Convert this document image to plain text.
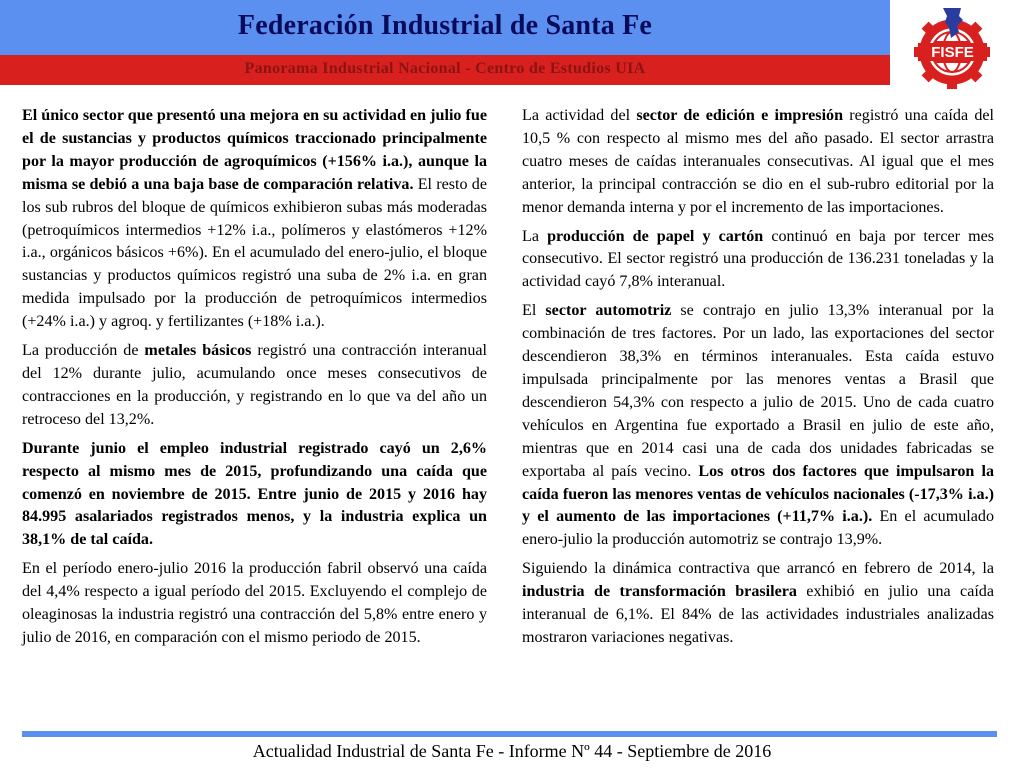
Federación Industrial de Santa Fe
Panorama Industrial Nacional - Centro de Estudios UIA
FISFE

El único sector que presentó una mejora en su actividad en julio fue el de sustancias y productos químicos traccionado principalmente por la mayor producción de agroquímicos (+156% i.a.), aunque la misma se debió a una baja base de comparación relativa. El resto de los sub rubros del bloque de químicos exhibieron subas más moderadas (petroquímicos intermedios +12% i.a., polímeros y elastómeros +12% i.a., orgánicos básicos +6%). En el acumulado del enero-julio, el bloque sustancias y productos químicos registró una suba de 2% i.a. en gran medida impulsado por la producción de petroquímicos intermedios (+24% i.a.) y agroq. y fertilizantes (+18% i.a.).

La producción de metales básicos registró una contracción interanual del 12% durante julio, acumulando once meses consecutivos de contracciones en la producción, y registrando en lo que va del año un retroceso del 13,2%.

Durante junio el empleo industrial registrado cayó un 2,6% respecto al mismo mes de 2015, profundizando una caída que comenzó en noviembre de 2015. Entre junio de 2015 y 2016 hay 84.995 asalariados registrados menos, y la industria explica un 38,1% de tal caída.

En el período enero-julio 2016 la producción fabril observó una caída del 4,4% respecto a igual período del 2015. Excluyendo el complejo de oleaginosas la industria registró una contracción del 5,8% entre enero y julio de 2016, en comparación con el mismo periodo de 2015.

La actividad del sector de edición e impresión registró una caída del 10,5 % con respecto al mismo mes del año pasado. El sector arrastra cuatro meses de caídas interanuales consecutivas. Al igual que el mes anterior, la principal contracción se dio en el sub-rubro editorial por la menor demanda interna y por el incremento de las importaciones.

La producción de papel y cartón continuó en baja por tercer mes consecutivo. El sector registró una producción de 136.231 toneladas y la actividad cayó 7,8% interanual.

El sector automotriz se contrajo en julio 13,3% interanual por la combinación de tres factores. Por un lado, las exportaciones del sector descendieron 38,3% en términos interanuales. Esta caída estuvo impulsada principalmente por las menores ventas a Brasil que descendieron 54,3% con respecto a julio de 2015. Uno de cada cuatro vehículos en Argentina fue exportado a Brasil en julio de este año, mientras que en 2014 casi una de cada dos unidades fabricadas se exportaba al país vecino. Los otros dos factores que impulsaron la caída fueron las menores ventas de vehículos nacionales (-17,3% i.a.) y el aumento de las importaciones (+11,7% i.a.). En el acumulado enero-julio la producción automotriz se contrajo 13,9%.

Siguiendo la dinámica contractiva que arrancó en febrero de 2014, la industria de transformación brasilera exhibió en julio una caída interanual de 6,1%. El 84% de las actividades industriales analizadas mostraron variaciones negativas.

Actualidad Industrial de Santa Fe - Informe Nº 44 - Septiembre de 2016
